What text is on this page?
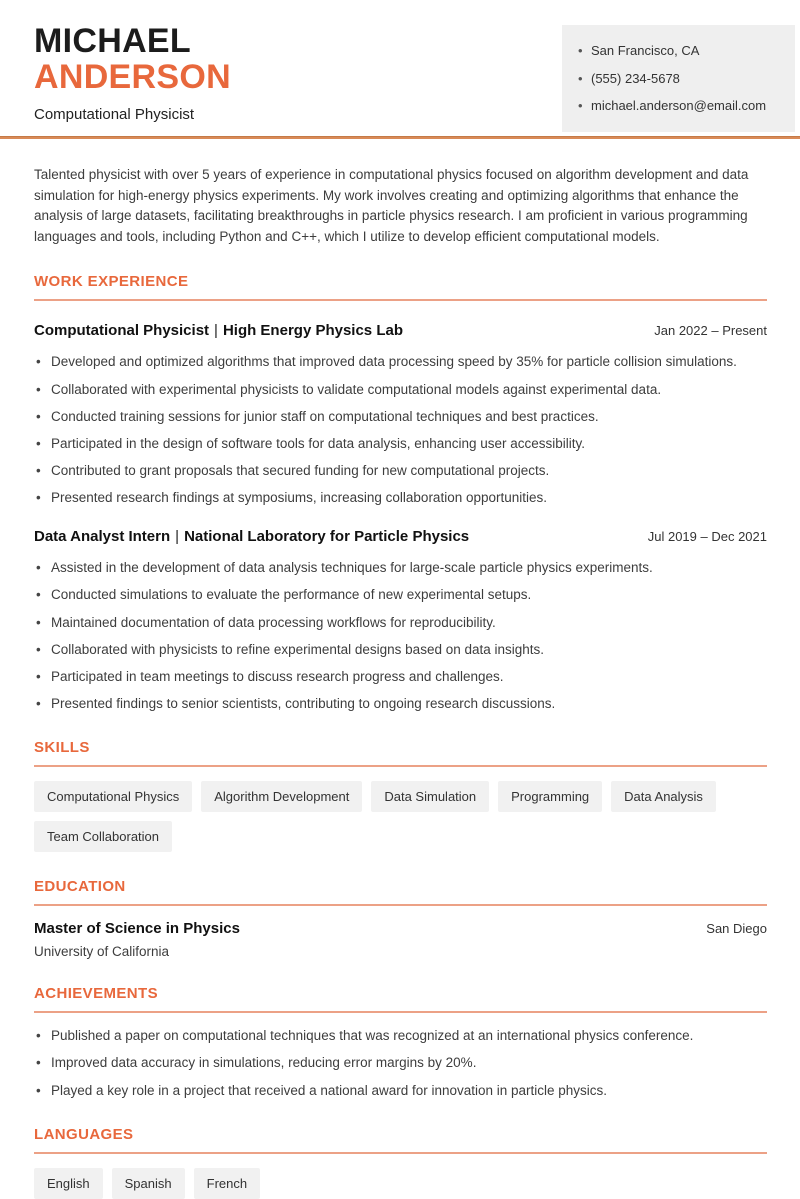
MICHAEL
ANDERSON
Computational Physicist
• San Francisco, CA
• (555) 234-5678
• michael.anderson@email.com

Talented physicist with over 5 years of experience in computational physics focused on algorithm development and data simulation for high-energy physics experiments. My work involves creating and optimizing algorithms that enhance the analysis of large datasets, facilitating breakthroughs in particle physics research. I am proficient in various programming languages and tools, including Python and C++, which I utilize to develop efficient computational models.

WORK EXPERIENCE
Computational Physicist | High Energy Physics Lab	Jan 2022 – Present
• Developed and optimized algorithms that improved data processing speed by 35% for particle collision simulations.
• Collaborated with experimental physicists to validate computational models against experimental data.
• Conducted training sessions for junior staff on computational techniques and best practices.
• Participated in the design of software tools for data analysis, enhancing user accessibility.
• Contributed to grant proposals that secured funding for new computational projects.
• Presented research findings at symposiums, increasing collaboration opportunities.
Data Analyst Intern | National Laboratory for Particle Physics	Jul 2019 – Dec 2021
• Assisted in the development of data analysis techniques for large-scale particle physics experiments.
• Conducted simulations to evaluate the performance of new experimental setups.
• Maintained documentation of data processing workflows for reproducibility.
• Collaborated with physicists to refine experimental designs based on data insights.
• Participated in team meetings to discuss research progress and challenges.
• Presented findings to senior scientists, contributing to ongoing research discussions.
SKILLS
Computational Physics	Algorithm Development	Data Simulation	Programming	Data Analysis
Team Collaboration
EDUCATION
Master of Science in Physics	San Diego
University of California
ACHIEVEMENTS
• Published a paper on computational techniques that was recognized at an international physics conference.
• Improved data accuracy in simulations, reducing error margins by 20%.
• Played a key role in a project that received a national award for innovation in particle physics.
LANGUAGES
English	Spanish	French
